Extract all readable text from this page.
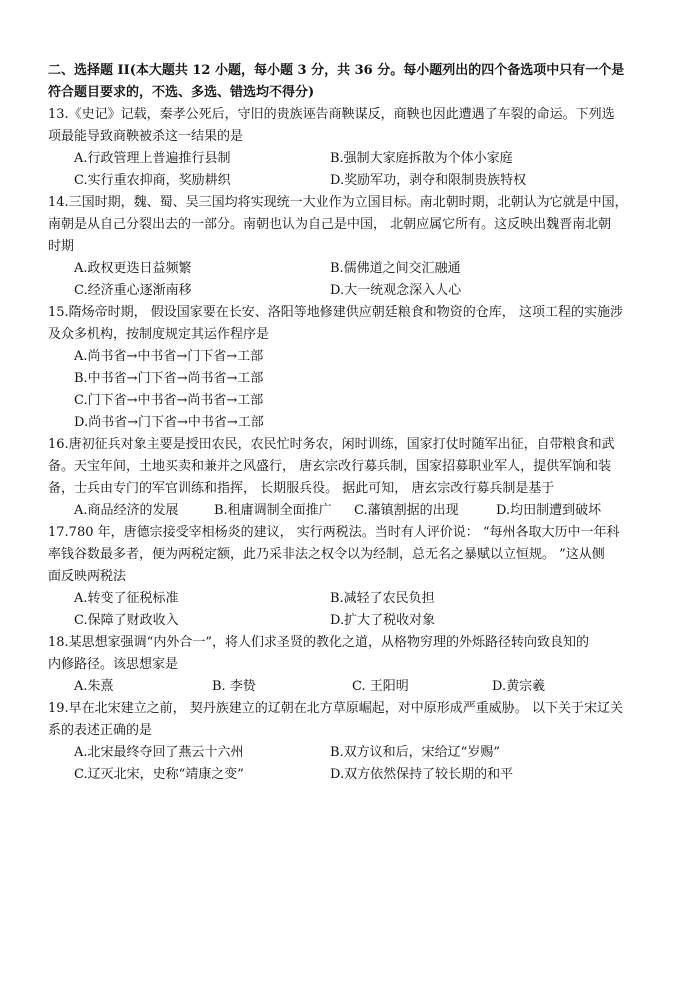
二、选择题 II(本大题共 12 小题，每小题 3 分，共 36 分。每小题列出的四个备选项中只有一个是
符合题目要求的，不选、多选、错选均不得分)

13.《史记》记载，秦孝公死后，守旧的贵族诬告商鞅谋反，商鞅也因此遭遇了车裂的命运。下列选
项最能导致商鞅被杀这一结果的是

A.行政管理上普遍推行县制	B.强制大家庭拆散为个体小家庭
C.实行重农抑商，奖励耕织	D.奖励军功，剥夺和限制贵族特权

14.三国时期，魏、蜀、吴三国均将实现统一大业作为立国目标。南北朝时期，北朝认为它就是中国，
南朝是从自己分裂出去的一部分。南朝也认为自己是中国， 北朝应属它所有。这反映出魏晋南北朝
时期

A.政权更迭日益频繁	B.儒佛道之间交汇融通
C.经济重心逐渐南移	D.大一统观念深入人心

15.隋炀帝时期， 假设国家要在长安、洛阳等地修建供应朝廷粮食和物资的仓库， 这项工程的实施涉
及众多机构，按制度规定其运作程序是

A.尚书省→中书省→门下省→工部

B.中书省→门下省→尚书省→工部

C.门下省→中书省→尚书省→工部

D.尚书省→门下省→中书省→工部

16.唐初征兵对象主要是授田农民，农民忙时务农，闲时训练，国家打仗时随军出征，自带粮食和武
备。天宝年间，土地买卖和兼并之风盛行， 唐玄宗改行募兵制，国家招募职业军人，提供军饷和装
备，士兵由专门的军官训练和指挥， 长期服兵役。 据此可知， 唐玄宗改行募兵制是基于

A.商品经济的发展	B.租庸调制全面推广	C.藩镇割据的出现	D.均田制遭到破坏

17.780 年，唐德宗接受宰相杨炎的建议， 实行两税法。当时有人评价说： “每州各取大历中一年科
率钱谷数最多者，便为两税定额，此乃采非法之权令以为经制，总无名之暴赋以立恒规。 ”这从侧
面反映两税法

A.转变了征税标准	B.减轻了农民负担
C.保障了财政收入	D.扩大了税收对象

18.某思想家强调“内外合一”，将人们求圣贤的教化之道，从格物穷理的外烁路径转向致良知的
内修路径。该思想家是

A.朱熹	B. 李贽	C. 王阳明	D.黄宗羲

19.早在北宋建立之前， 契丹族建立的辽朝在北方草原崛起，对中原形成严重威胁。 以下关于宋辽关
系的表述正确的是

A.北宋最终夺回了燕云十六州	B.双方议和后，宋给辽“岁赐”
C.辽灭北宋，史称“靖康之变”	D.双方依然保持了较长期的和平
